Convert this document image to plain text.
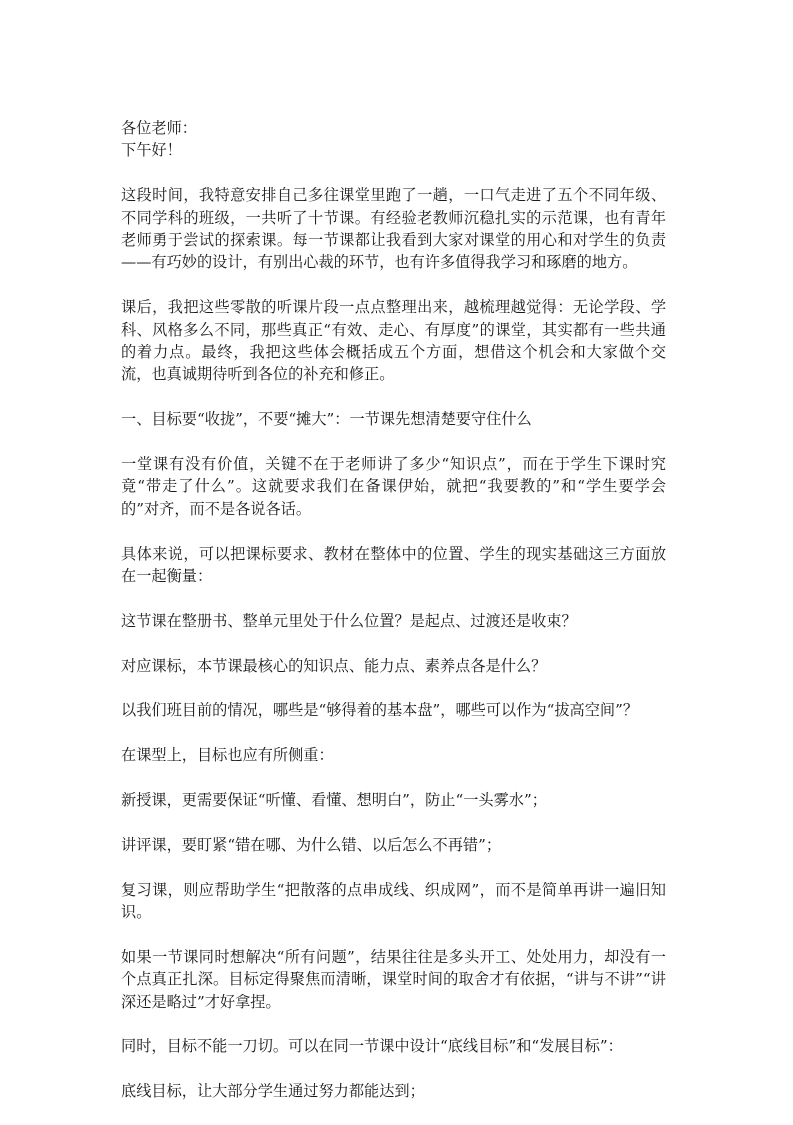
各位老师：

下午好！

这段时间，我特意安排自己多往课堂里跑了一趟，一口气走进了五个不同年级、不同学科的班级，一共听了十节课。有经验老教师沉稳扎实的示范课，也有青年老师勇于尝试的探索课。每一节课都让我看到大家对课堂的用心和对学生的负责——有巧妙的设计，有别出心裁的环节，也有许多值得我学习和琢磨的地方。

课后，我把这些零散的听课片段一点点整理出来，越梳理越觉得：无论学段、学科、风格多么不同，那些真正“有效、走心、有厚度”的课堂，其实都有一些共通的着力点。最终，我把这些体会概括成五个方面，想借这个机会和大家做个交流，也真诚期待听到各位的补充和修正。

一、目标要“收拢”，不要“摊大”：一节课先想清楚要守住什么

一堂课有没有价值，关键不在于老师讲了多少“知识点”，而在于学生下课时究竟“带走了什么”。这就要求我们在备课伊始，就把“我要教的”和“学生要学会的”对齐，而不是各说各话。

具体来说，可以把课标要求、教材在整体中的位置、学生的现实基础这三方面放在一起衡量：

这节课在整册书、整单元里处于什么位置？是起点、过渡还是收束？

对应课标，本节课最核心的知识点、能力点、素养点各是什么？

以我们班目前的情况，哪些是“够得着的基本盘”，哪些可以作为“拔高空间”？

在课型上，目标也应有所侧重：

新授课，更需要保证“听懂、看懂、想明白”，防止“一头雾水”；

讲评课，要盯紧“错在哪、为什么错、以后怎么不再错”；

复习课，则应帮助学生“把散落的点串成线、织成网”，而不是简单再讲一遍旧知识。

如果一节课同时想解决“所有问题”，结果往往是多头开工、处处用力，却没有一个点真正扎深。目标定得聚焦而清晰，课堂时间的取舍才有依据，“讲与不讲”“讲深还是略过”才好拿捏。

同时，目标不能一刀切。可以在同一节课中设计“底线目标”和“发展目标”：

底线目标，让大部分学生通过努力都能达到；
